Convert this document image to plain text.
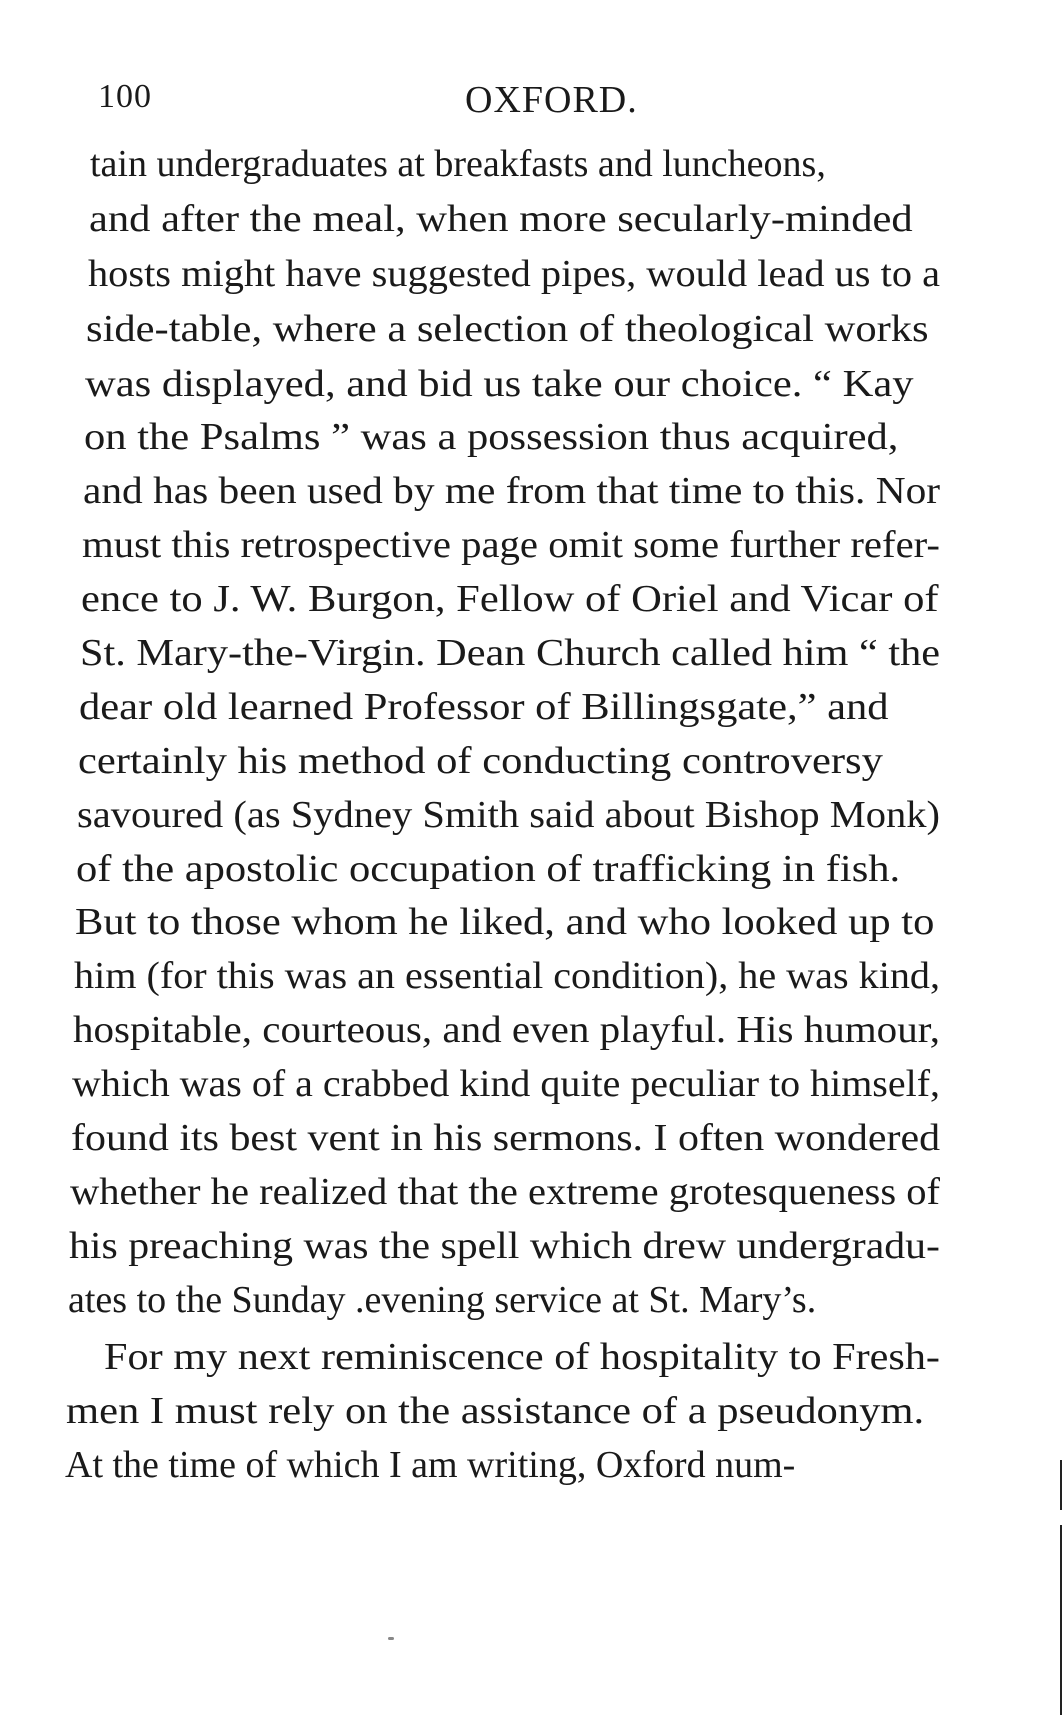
100	OXFORD.
tain undergraduates at breakfasts and luncheons,
and after the meal, when more secularly-minded
hosts might have suggested pipes, would lead us to a
side-table, where a selection of theological works
was displayed, and bid us take our choice. “ Kay
on the Psalms ” was a possession thus acquired,
and has been used by me from that time to this. Nor
must this retrospective page omit some further refer-
ence to J. W. Burgon, Fellow of Oriel and Vicar of
St. Mary-the-Virgin. Dean Church called him “ the
dear old learned Professor of Billingsgate,” and
certainly his method of conducting controversy
savoured (as Sydney Smith said about Bishop Monk)
of the apostolic occupation of trafficking in fish.
But to those whom he liked, and who looked up to
him (for this was an essential condition), he was kind,
hospitable, courteous, and even playful. His humour,
which was of a crabbed kind quite peculiar to himself,
found its best vent in his sermons. I often wondered
whether he realized that the extreme grotesqueness of
his preaching was the spell which drew undergradu-
ates to the Sunday .evening service at St. Mary’s.
For my next reminiscence of hospitality to Fresh-
men I must rely on the assistance of a pseudonym.
At the time of which I am writing, Oxford num-
